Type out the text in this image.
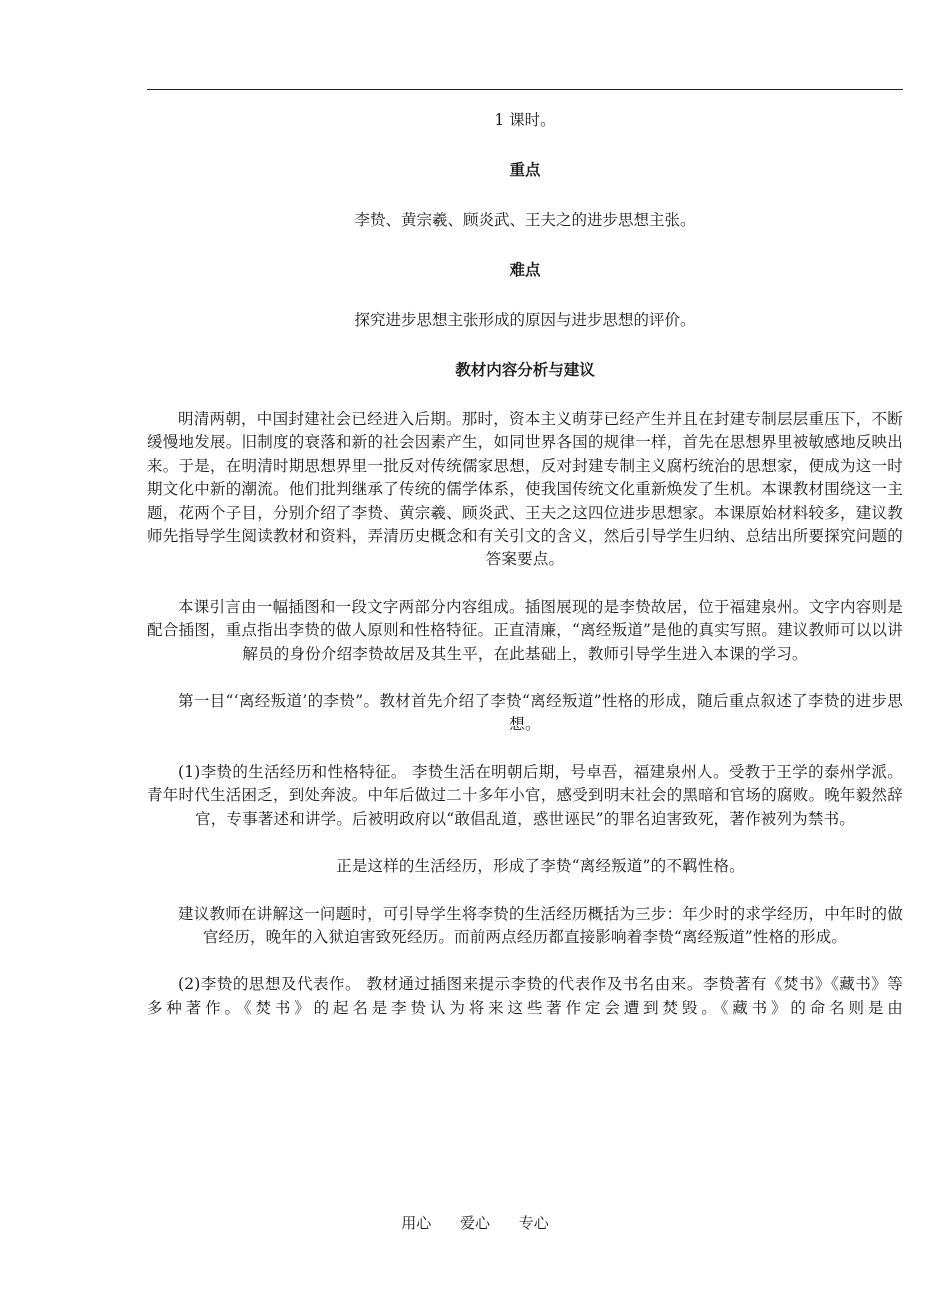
1 课时。

重点

李贽、黄宗羲、顾炎武、王夫之的进步思想主张。

难点

探究进步思想主张形成的原因与进步思想的评价。

教材内容分析与建议

明清两朝，中国封建社会已经进入后期。那时，资本主义萌芽已经产生并且在封建专制层层重压下，不断缓慢地发展。旧制度的衰落和新的社会因素产生，如同世界各国的规律一样，首先在思想界里被敏感地反映出来。于是，在明清时期思想界里一批反对传统儒家思想，反对封建专制主义腐朽统治的思想家，便成为这一时期文化中新的潮流。他们批判继承了传统的儒学体系，使我国传统文化重新焕发了生机。本课教材围绕这一主题，花两个子目，分别介绍了李贽、黄宗羲、顾炎武、王夫之这四位进步思想家。本课原始材料较多，建议教师先指导学生阅读教材和资料，弄清历史概念和有关引文的含义，然后引导学生归纳、总结出所要探究问题的答案要点。

本课引言由一幅插图和一段文字两部分内容组成。插图展现的是李贽故居，位于福建泉州。文字内容则是配合插图，重点指出李贽的做人原则和性格特征。正直清廉，“离经叛道”是他的真实写照。建议教师可以以讲解员的身份介绍李贽故居及其生平，在此基础上，教师引导学生进入本课的学习。

第一目“‘离经叛道’的李贽”。教材首先介绍了李贽“离经叛道”性格的形成，随后重点叙述了李贽的进步思想。

(1)李贽的生活经历和性格特征。 李贽生活在明朝后期，号卓吾，福建泉州人。受教于王学的泰州学派。青年时代生活困乏，到处奔波。中年后做过二十多年小官，感受到明末社会的黑暗和官场的腐败。晚年毅然辞官，专事著述和讲学。后被明政府以“敢倡乱道，惑世诬民”的罪名迫害致死，著作被列为禁书。

正是这样的生活经历，形成了李贽“离经叛道”的不羁性格。

建议教师在讲解这一问题时，可引导学生将李贽的生活经历概括为三步：年少时的求学经历，中年时的做官经历，晚年的入狱迫害致死经历。而前两点经历都直接影响着李贽“离经叛道”性格的形成。

(2)李贽的思想及代表作。 教材通过插图来提示李贽的代表作及书名由来。李贽著有《焚书》《藏书》等多种著作。《焚书》的起名是李贽认为将来这些著作定会遭到焚毁。《藏书》的命名则是由

用心 爱心 专心
